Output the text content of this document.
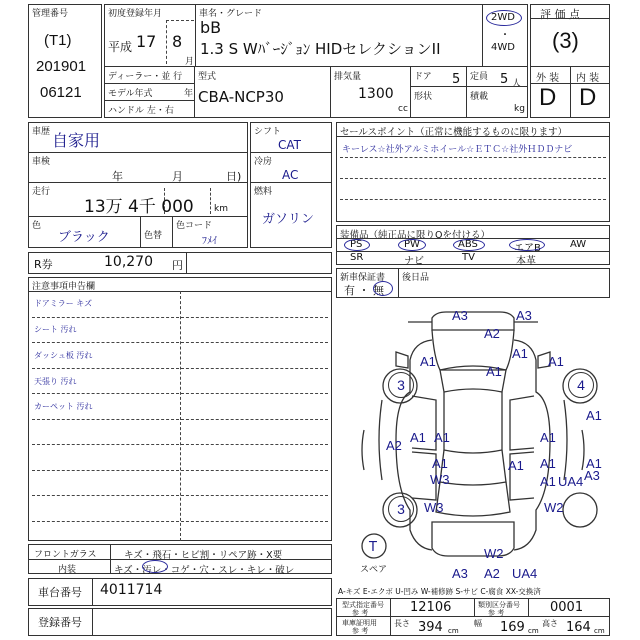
管理番号
(T1)
201901
06121
初度登録年月
平成 17 8
月
車名・グレード
bB
1.3 S Wﾊﾞｰｼﾞｮﾝ HIDセレクションII
2WD
・
4WD
ディーラー・並 行
モデル年式	年
ハンドル 左・右
型式
CBA-NCP30
排気量
1300
cc
ドア 5 定員 5 人
形状	積載
kg
評 価 点
(3)
外 装 内 装
D D
車歴 自家用
車検
年	月	日)
走行
13万 4千 000 km
色
ブラック	色替
色コード
ﾌﾒｲ
シフト
CAT
冷房
AC
燃料
ガソリン
セールスポイント（正常に機能するものに限ります）
キーレス☆社外アルミホイール☆ＥＴＣ☆社外ＨＤＤナビ
装備品（純正品に限りΟを付ける）
PS	PW	ABS	エアB	AW
SR	ナビ	TV	本革
新車保証書
有 ・ 無
後日品
R券	10,270 円
注意事項申告欄
ドアミラー キズ
シート 汚れ
ダッシュ板 汚れ
天張り 汚れ
カーペット 汚れ
フロントガラス	キズ・飛石・ヒビ割・リペア跡・X要
内装	キズ・汚レ・コゲ・穴・スレ・キレ・破レ
車台番号 4011714
登録番号
A3	A3
A2
A1
A1	A1
A1
3	4
A1
A2
A1 A1	A1
A1
A1	A1 A1
W3	A1 UA4 A3
W3	W2
3
W2
A3 A2 UA4
T
スペア
A-キズ E-エクボ U-凹み W-補修跡 S-サビ C-腐食 XX-交換済
型式指定番号
参 考	12106	類別区分番号
参 考	0001
車庫証明用
参 考
長さ 394 cm
幅 169 cm
高さ 164 cm
